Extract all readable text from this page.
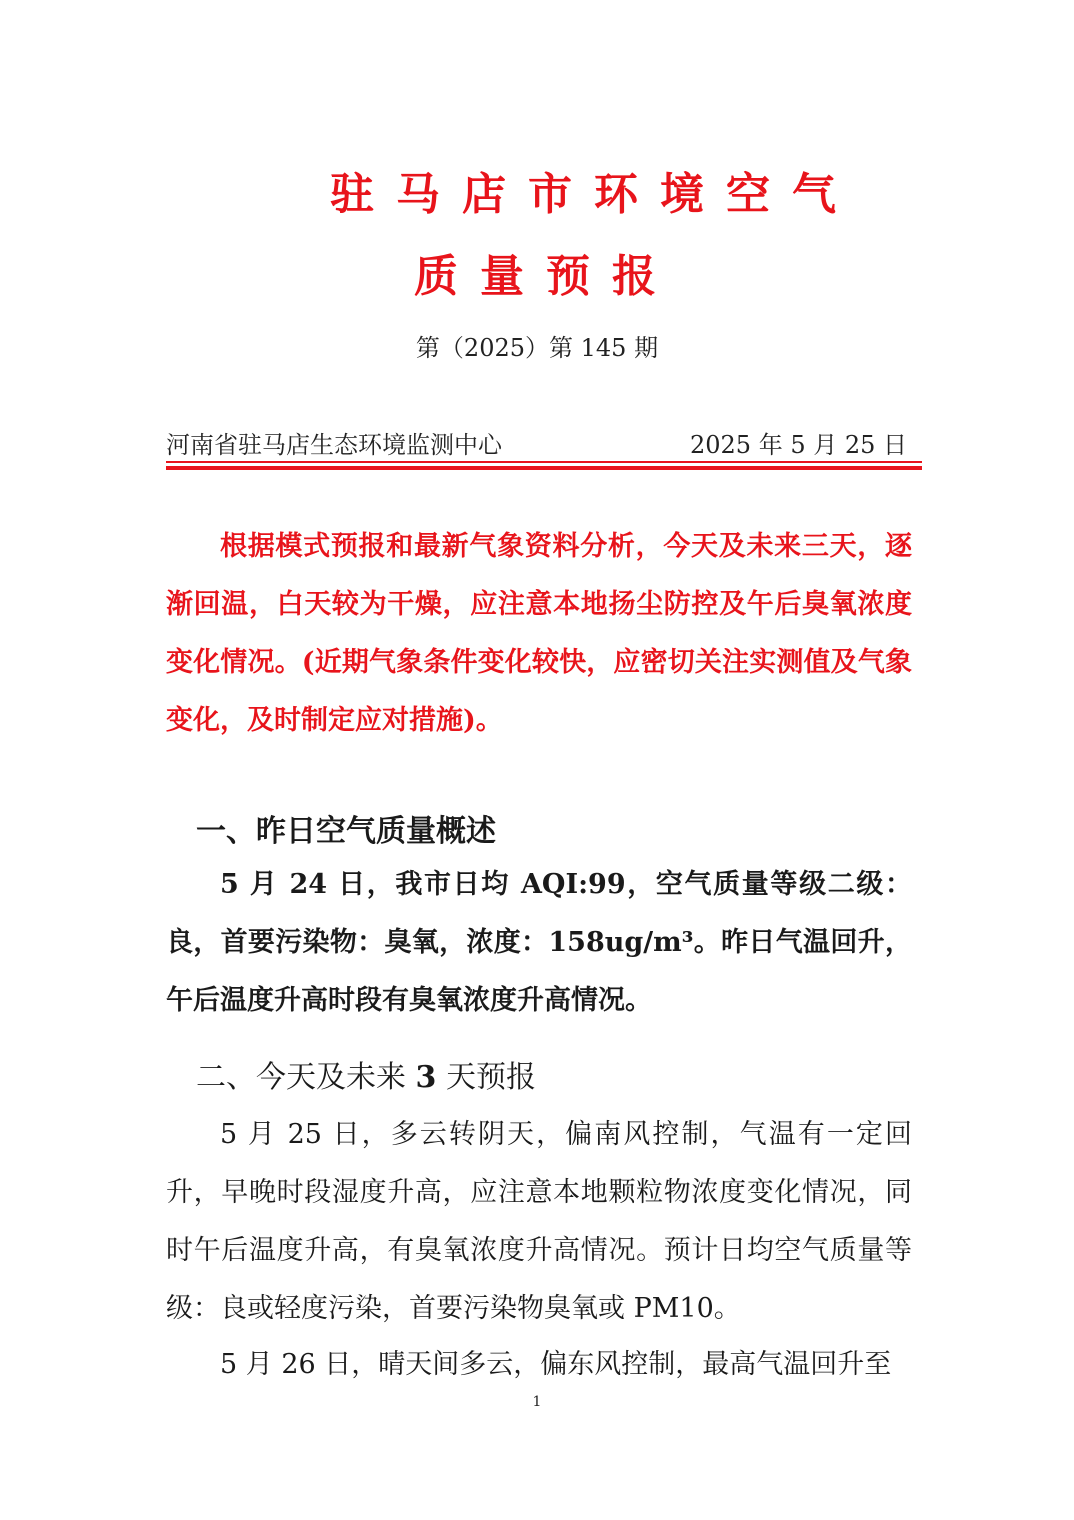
驻马店市环境空气
质量预报
第（2025）第 145 期
河南省驻马店生态环境监测中心	2025 年 5 月 25 日

根据模式预报和最新气象资料分析，今天及未来三天，逐渐回温，白天较为干燥，应注意本地扬尘防控及午后臭氧浓度变化情况。(近期气象条件变化较快，应密切关注实测值及气象变化，及时制定应对措施)。

一、昨日空气质量概述

5 月 24 日，我市日均 AQI:99，空气质量等级二级：良，首要污染物：臭氧，浓度：158ug/m³。昨日气温回升，午后温度升高时段有臭氧浓度升高情况。

二、今天及未来 3 天预报

5 月 25 日，多云转阴天，偏南风控制，气温有一定回升，早晚时段湿度升高，应注意本地颗粒物浓度变化情况，同时午后温度升高，有臭氧浓度升高情况。预计日均空气质量等级：良或轻度污染，首要污染物臭氧或 PM10。

5 月 26 日，晴天间多云，偏东风控制，最高气温回升至

1
